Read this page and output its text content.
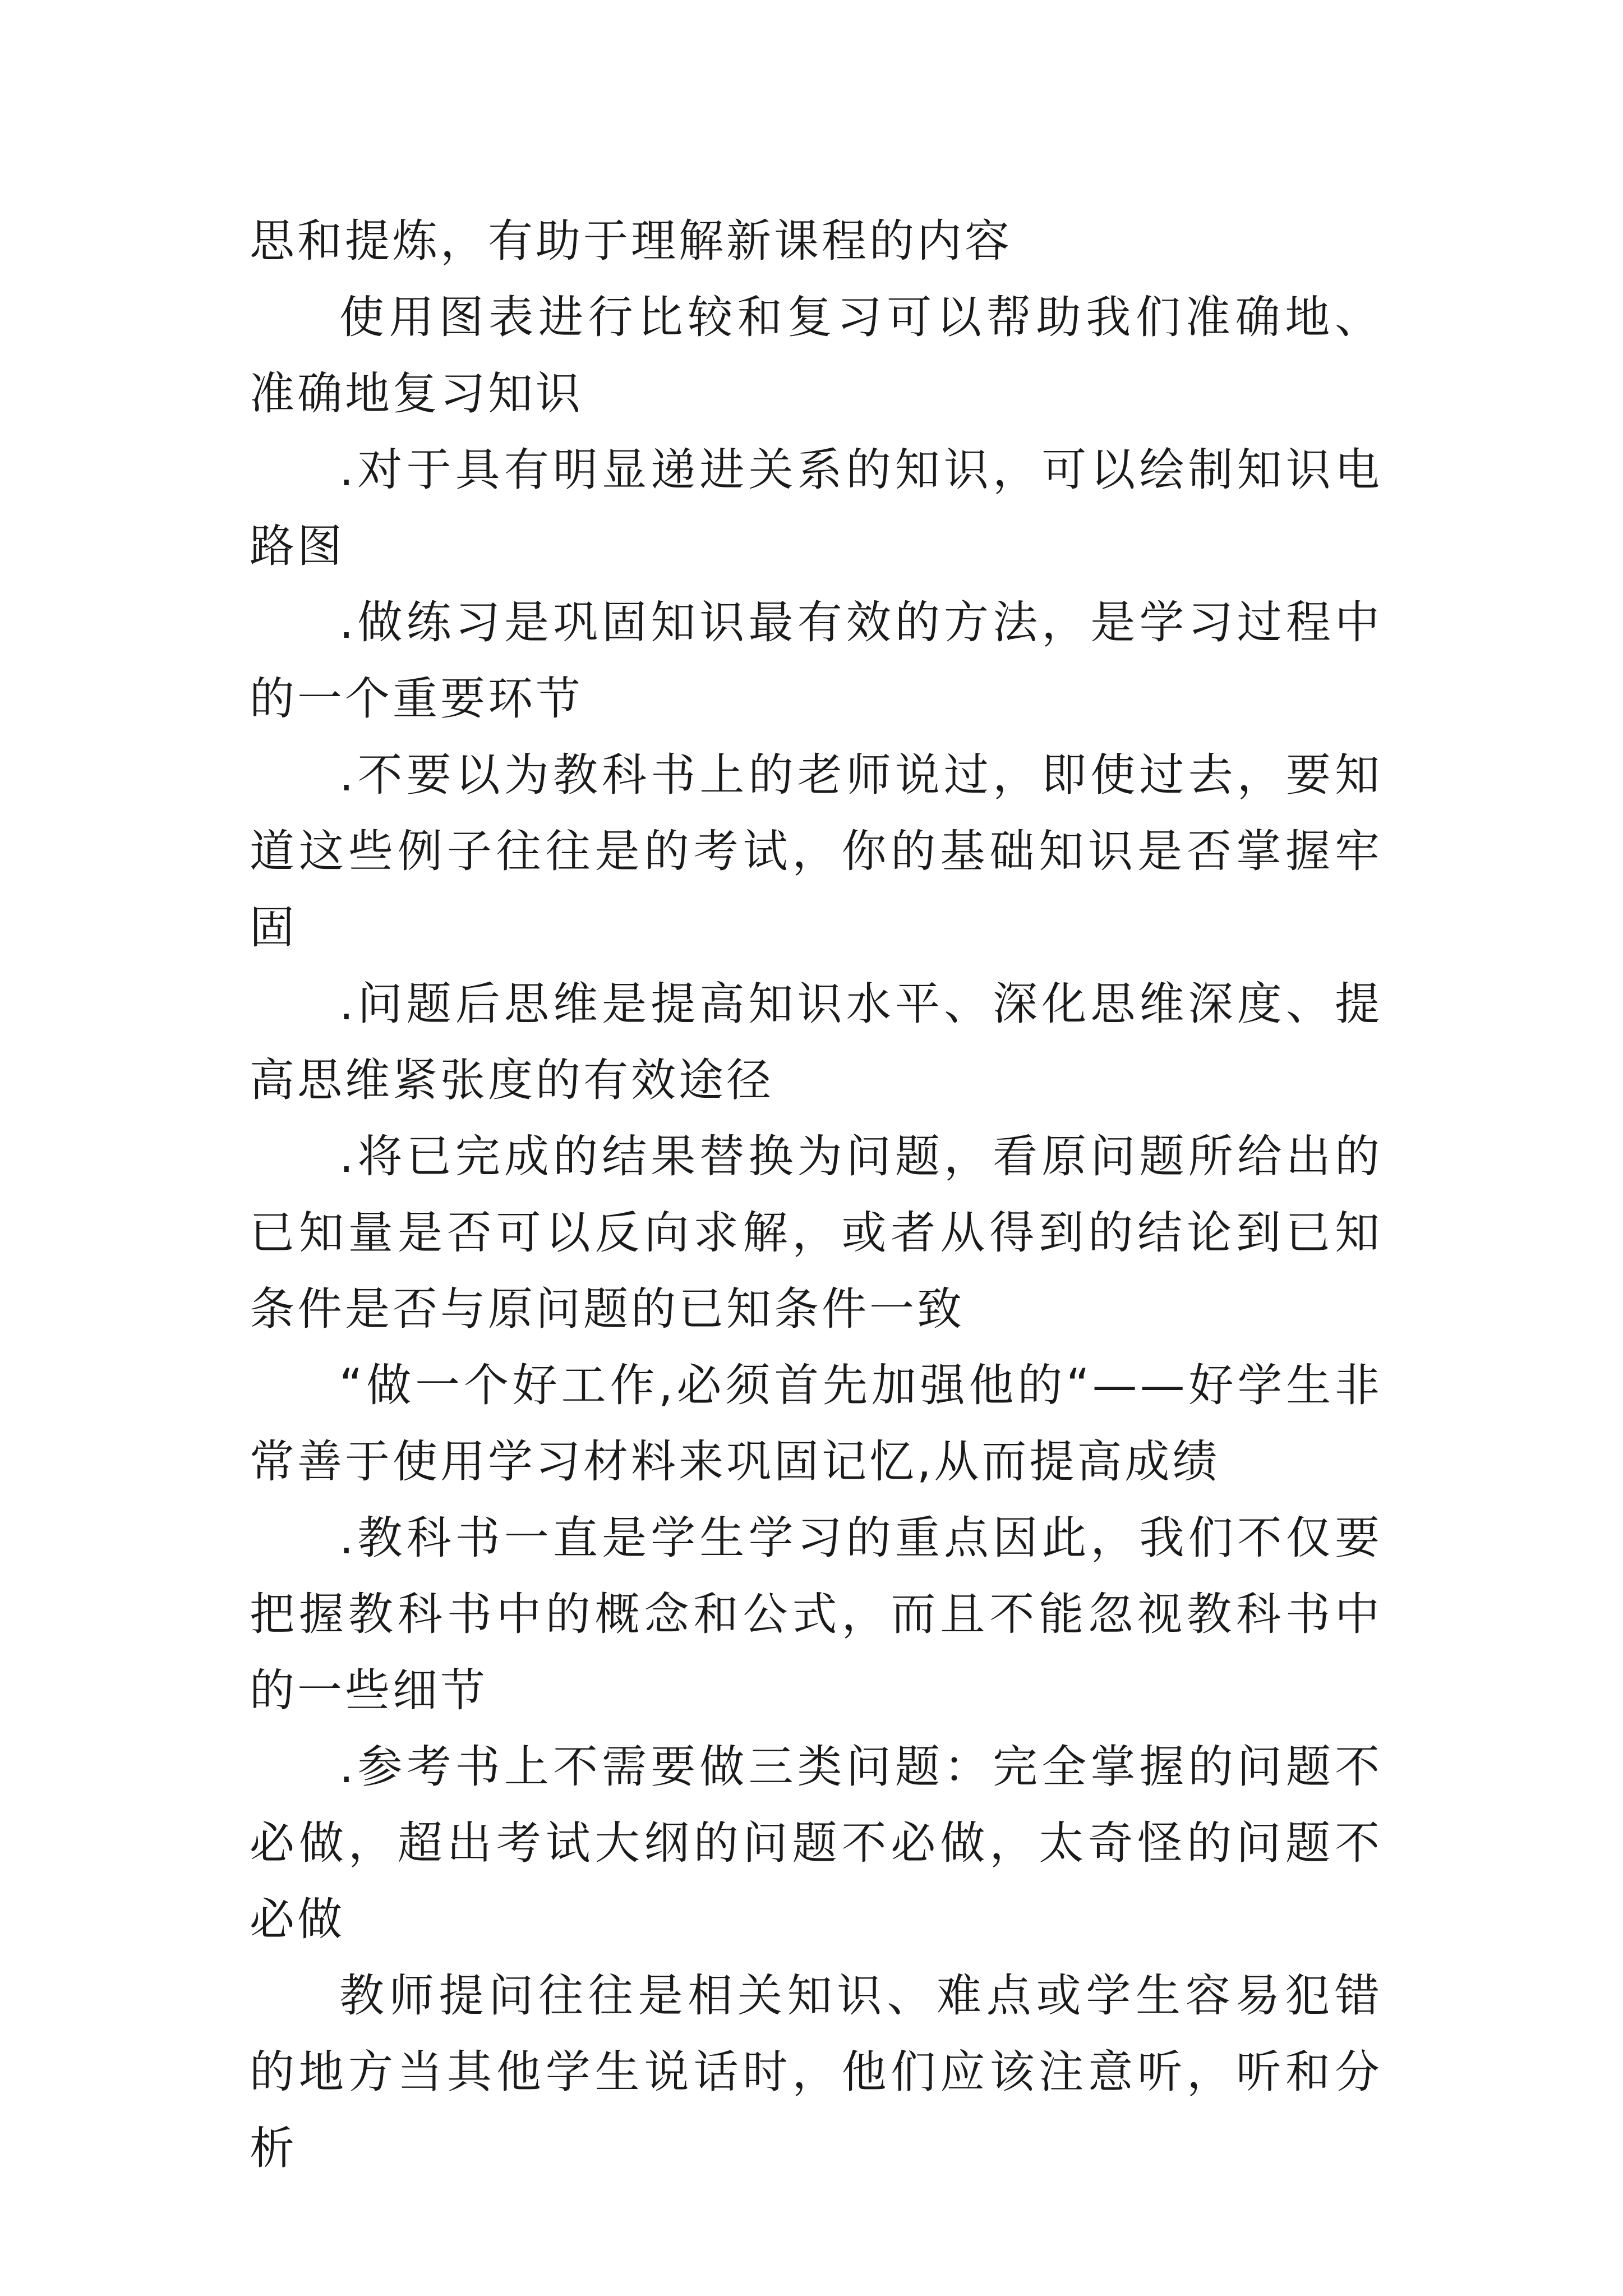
思和提炼，有助于理解新课程的内容

使用图表进行比较和复习可以帮助我们准确地、准确地复习知识

.对于具有明显递进关系的知识，可以绘制知识电路图

.做练习是巩固知识最有效的方法，是学习过程中的一个重要环节

.不要以为教科书上的老师说过，即使过去，要知道这些例子往往是的考试，你的基础知识是否掌握牢固

.问题后思维是提高知识水平、深化思维深度、提高思维紧张度的有效途径

.将已完成的结果替换为问题，看原问题所给出的已知量是否可以反向求解，或者从得到的结论到已知条件是否与原问题的已知条件一致

“做一个好工作,必须首先加强他的“——好学生非常善于使用学习材料来巩固记忆,从而提高成绩

.教科书一直是学生学习的重点因此，我们不仅要把握教科书中的概念和公式，而且不能忽视教科书中的一些细节

.参考书上不需要做三类问题：完全掌握的问题不必做，超出考试大纲的问题不必做，太奇怪的问题不必做

教师提问往往是相关知识、难点或学生容易犯错的地方当其他学生说话时，他们应该注意听，听和分析
